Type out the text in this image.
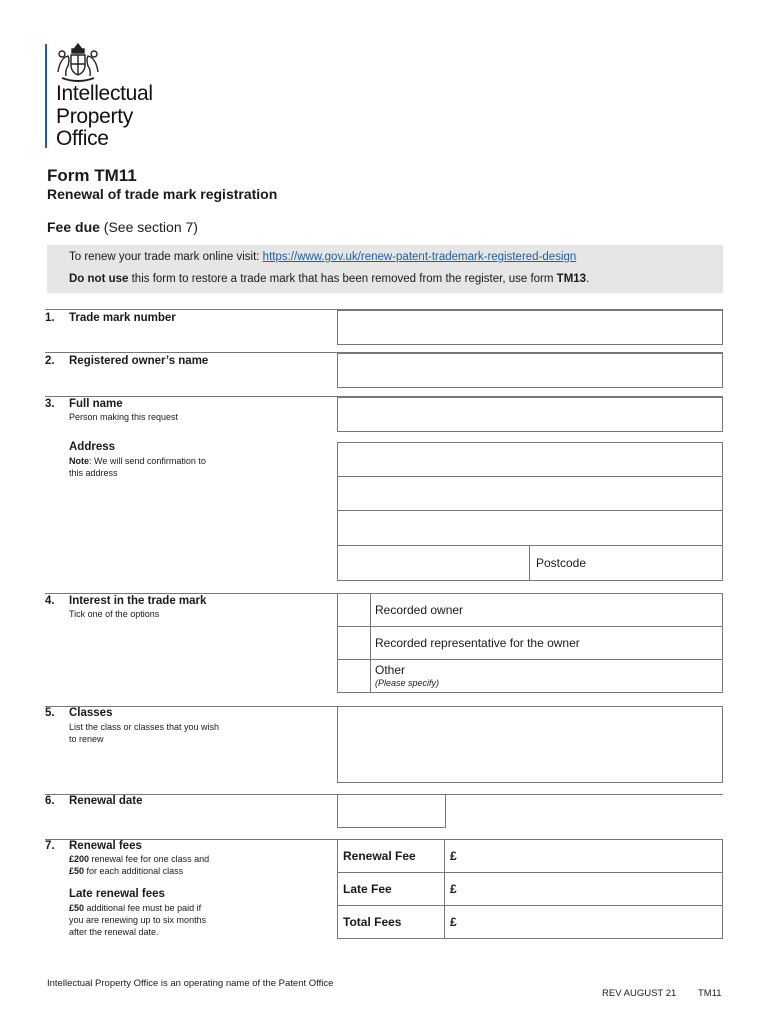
Intellectual
Property
Office
Form TM11
Renewal of trade mark registration
Fee due (See section 7)
To renew your trade mark online visit: https://www.gov.uk/renew-patent-trademark-registered-design
Do not use this form to restore a trade mark that has been removed from the register, use form TM13.
1. Trade mark number
2. Registered owner’s name
3. Full name
Person making this request
Address
Note: We will send confirmation to
this address
Postcode
4. Interest in the trade mark
Tick one of the options	Recorded owner
Recorded representative for the owner
Other
(Please specify)
5. Classes
List the class or classes that you wish
to renew
6. Renewal date
7. Renewal fees
£200 renewal fee for one class and
£50 for each additional class
Late renewal fees
£50 additional fee must be paid if
you are renewing up to six months
after the renewal date.
Renewal Fee	£
Late Fee	£
Total Fees	£
Intellectual Property Office is an operating name of the Patent Office
REV AUGUST 21 TM11
